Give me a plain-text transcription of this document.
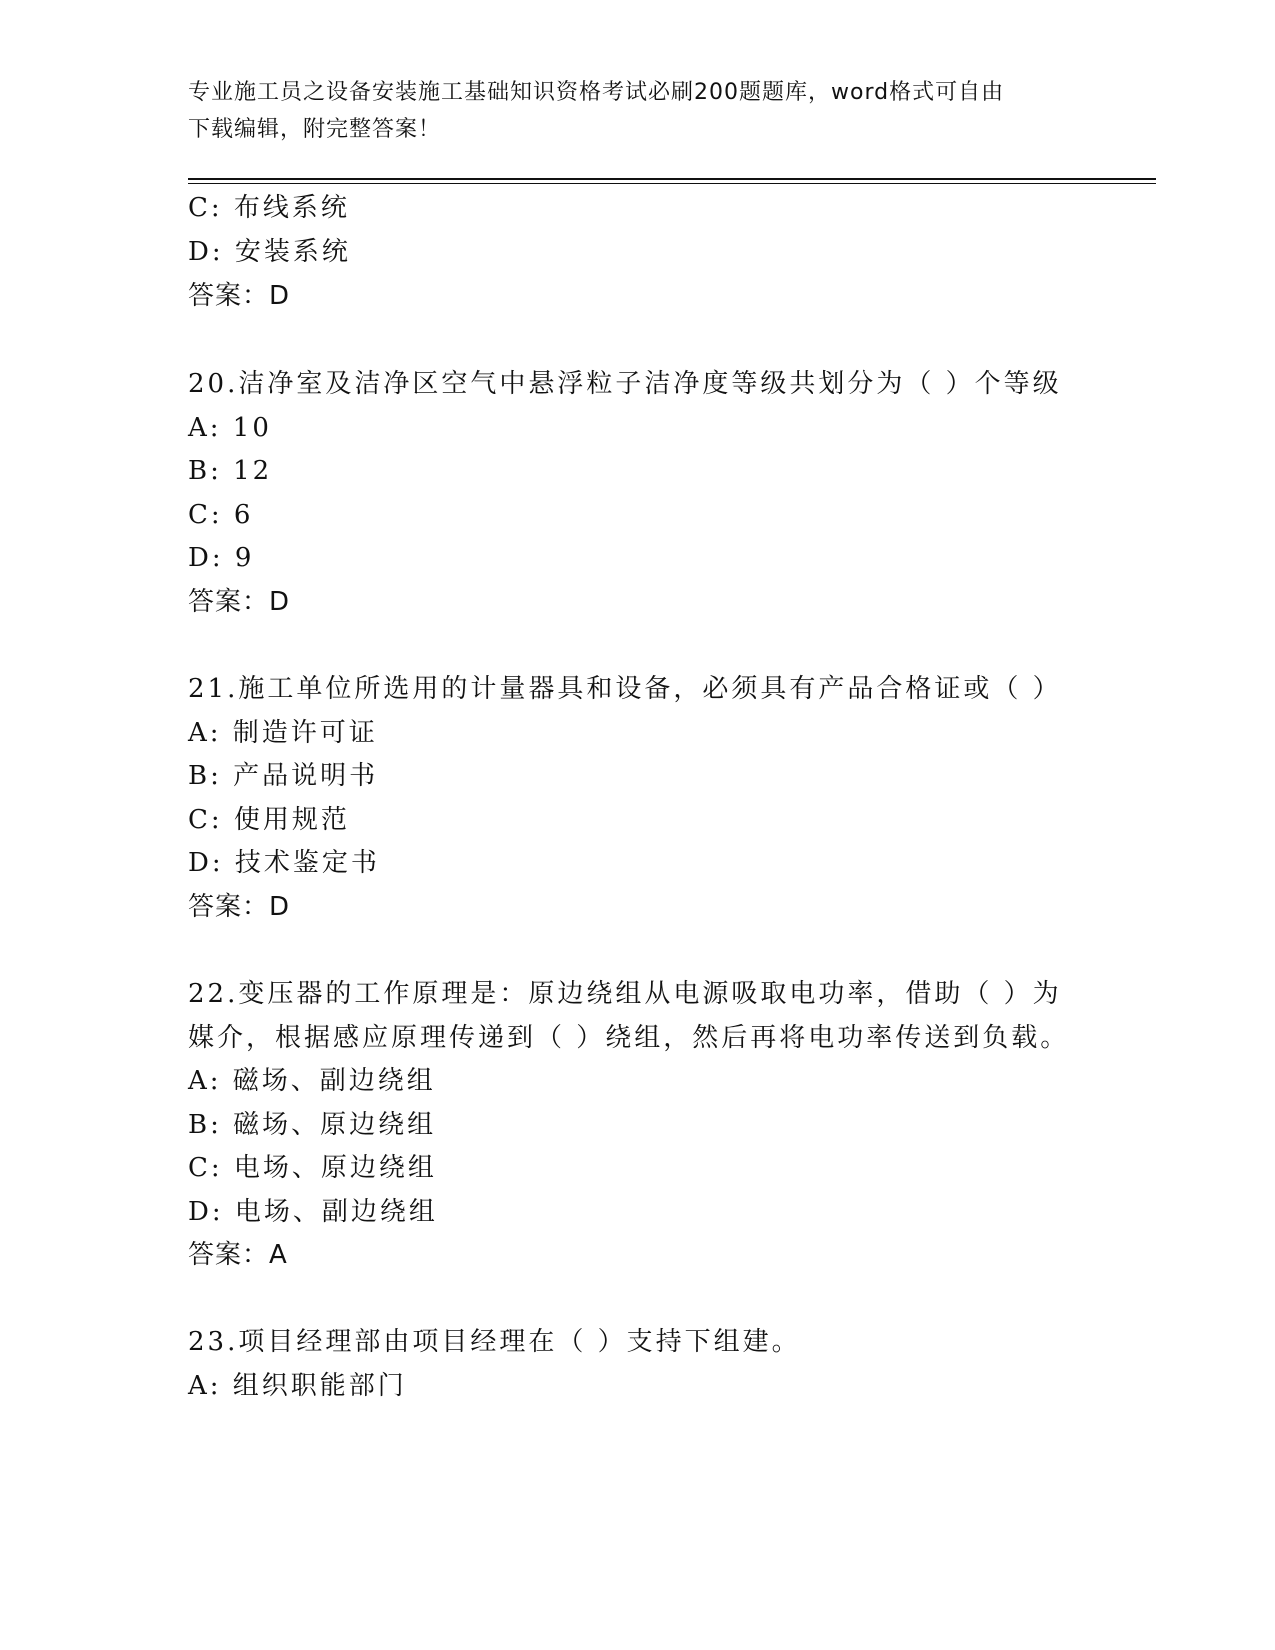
专业施工员之设备安装施工基础知识资格考试必刷200题题库，word格式可自由
下载编辑，附完整答案！
C: 布线系统
D: 安装系统
答案：D
20.洁净室及洁净区空气中悬浮粒子洁净度等级共划分为（ ）个等级
A: 10
B: 12
C: 6
D: 9
答案：D
21.施工单位所选用的计量器具和设备，必须具有产品合格证或（ ）
A: 制造许可证
B: 产品说明书
C: 使用规范
D: 技术鉴定书
答案：D
22.变压器的工作原理是：原边绕组从电源吸取电功率，借助（ ）为
媒介，根据感应原理传递到（ ）绕组，然后再将电功率传送到负载。
A: 磁场、副边绕组
B: 磁场、原边绕组
C: 电场、原边绕组
D: 电场、副边绕组
答案：A
23.项目经理部由项目经理在（ ）支持下组建。
A: 组织职能部门
